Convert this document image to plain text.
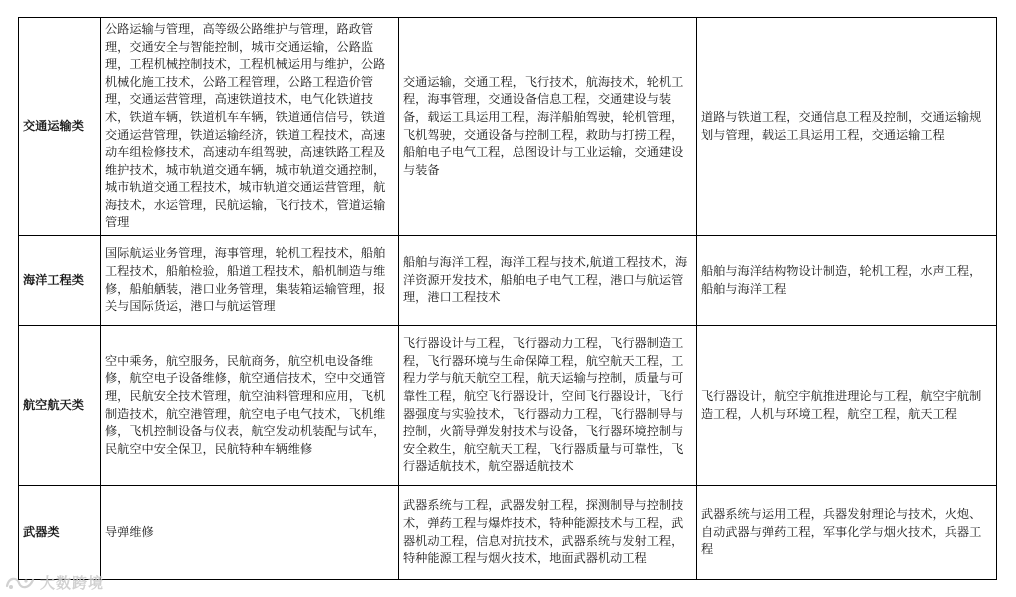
交通运输类	公路运输与管理，高等级公路维护与管理，路政管理，交通安全与智能控制，城市交通运输，公路监理，工程机械控制技术，工程机械运用与维护，公路机械化施工技术，公路工程管理，公路工程造价管理，交通运营管理，高速铁道技术，电气化铁道技术，铁道车辆，铁道机车车辆，铁道通信信号，铁道交通运营管理，铁道运输经济，铁道工程技术，高速动车组检修技术，高速动车组驾驶，高速铁路工程及维护技术，城市轨道交通车辆，城市轨道交通控制，城市轨道交通工程技术，城市轨道交通运营管理，航海技术，水运管理，民航运输，飞行技术，管道运输管理	交通运输，交通工程，飞行技术，航海技术，轮机工程，海事管理，交通设备信息工程，交通建设与装备，载运工具运用工程，海洋船舶驾驶，轮机管理，飞机驾驶，交通设备与控制工程，救助与打捞工程，船舶电子电气工程，总图设计与工业运输，交通建设与装备	道路与铁道工程，交通信息工程及控制，交通运输规划与管理，载运工具运用工程，交通运输工程
海洋工程类	国际航运业务管理，海事管理，轮机工程技术，船舶工程技术，船舶检验，船道工程技术，船机制造与维修，船舶舾装，港口业务管理，集装箱运输管理，报关与国际货运，港口与航运管理	船舶与海洋工程，海洋工程与技术,航道工程技术，海洋资源开发技术，船舶电子电气工程，港口与航运管理，港口工程技术	船舶与海洋结构物设计制造，轮机工程，水声工程，船舶与海洋工程
航空航天类	空中乘务，航空服务，民航商务，航空机电设备维修，航空电子设备维修，航空通信技术，空中交通管理，民航安全技术管理，航空油料管理和应用，飞机制造技术，航空港管理，航空电子电气技术，飞机维修，飞机控制设备与仪表，航空发动机装配与试车，民航空中安全保卫，民航特种车辆维修	飞行器设计与工程，飞行器动力工程，飞行器制造工程，飞行器环境与生命保障工程，航空航天工程，工程力学与航天航空工程，航天运输与控制，质量与可靠性工程，航空飞行器设计，空间飞行器设计，飞行器强度与实验技术，飞行器动力工程，飞行器制导与控制，火箭导弹发射技术与设备，飞行器环境控制与安全救生，航空航天工程，飞行器质量与可靠性，飞行器适航技术，航空器适航技术	飞行器设计，航空宇航推进理论与工程，航空宇航制造工程，人机与环境工程，航空工程，航天工程
武器类	导弹维修	武器系统与工程，武器发射工程，探测制导与控制技术，弹药工程与爆炸技术，特种能源技术与工程，武器机动工程，信息对抗技术，武器系统与发射工程，特种能源工程与烟火技术，地面武器机动工程	武器系统与运用工程，兵器发射理论与技术，火炮、自动武器与弹药工程，军事化学与烟火技术，兵器工程
大数跨境
